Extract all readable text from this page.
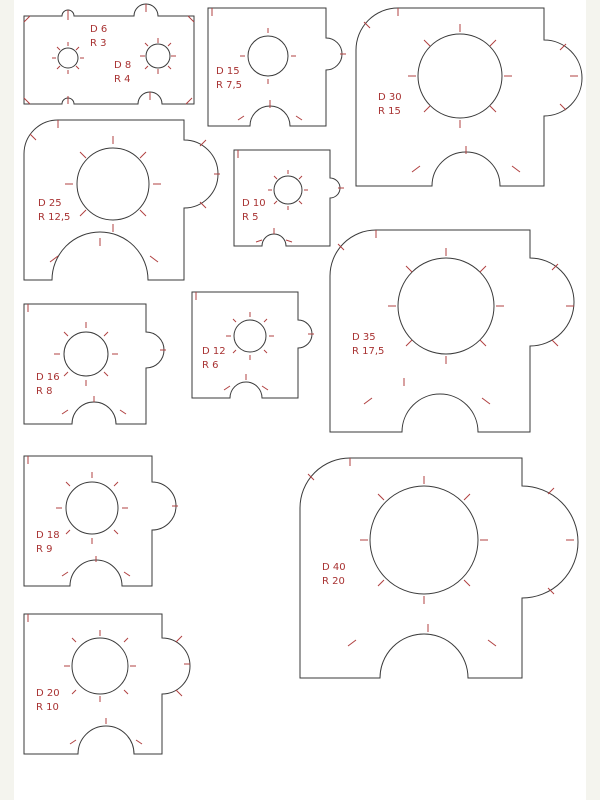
D 6
R 3
D 8
R 4
D 15
R 7,5
D 30
R 15
D 25
R 12,5
D 10
R 5
D 16
R 8
D 12
R 6
D 35
R 17,5
D 18
R 9
D 40
R 20
D 20
R 10
